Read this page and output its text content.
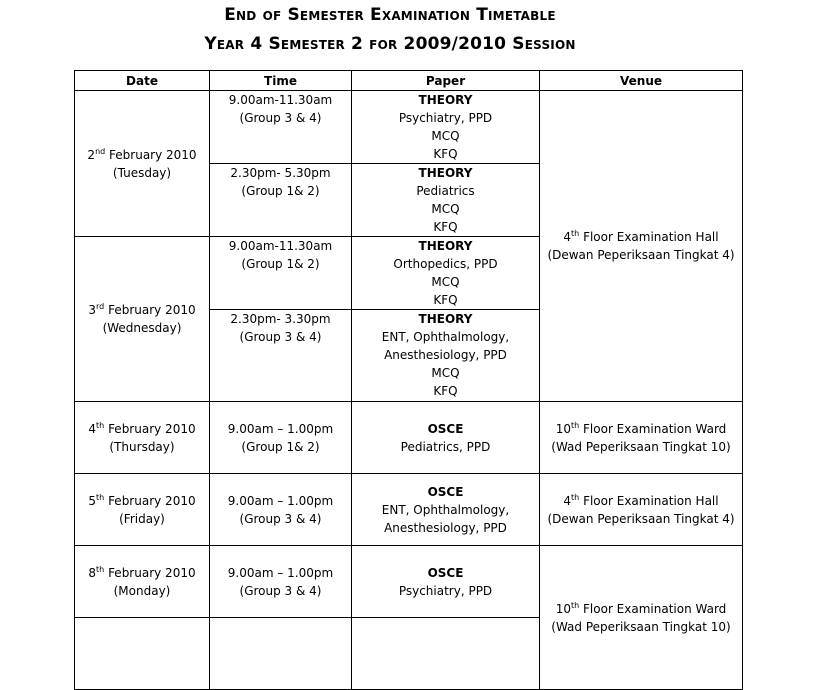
End of Semester Examination Timetable
Year 4 Semester 2 for 2009/2010 Session
Date	Time	Paper	Venue

2nd February 2010
(Tuesday)	9.00am-11.30am
(Group 3 & 4)	THEORY
Psychiatry, PPD
MCQ
KFQ	4th Floor Examination Hall
(Dewan Peperiksaan Tingkat 4)

	2.30pm- 5.30pm
(Group 1& 2)	THEORY
Pediatrics
MCQ
KFQ	

3rd February 2010
(Wednesday)	9.00am-11.30am
(Group 1& 2)	THEORY
Orthopedics, PPD
MCQ
KFQ	

	2.30pm- 3.30pm
(Group 3 & 4)	THEORY
ENT, Ophthalmology,
Anesthesiology, PPD
MCQ
KFQ	

4th February 2010
(Thursday)	9.00am – 1.00pm
(Group 1& 2)	OSCE
Pediatrics, PPD	10th Floor Examination Ward
(Wad Peperiksaan Tingkat 10)

5th February 2010
(Friday)	9.00am – 1.00pm
(Group 3 & 4)	OSCE
ENT, Ophthalmology,
Anesthesiology, PPD	4th Floor Examination Hall
(Dewan Peperiksaan Tingkat 4)

8th February 2010
(Monday)	9.00am – 1.00pm
(Group 3 & 4)	OSCE
Psychiatry, PPD	10th Floor Examination Ward
(Wad Peperiksaan Tingkat 10)
